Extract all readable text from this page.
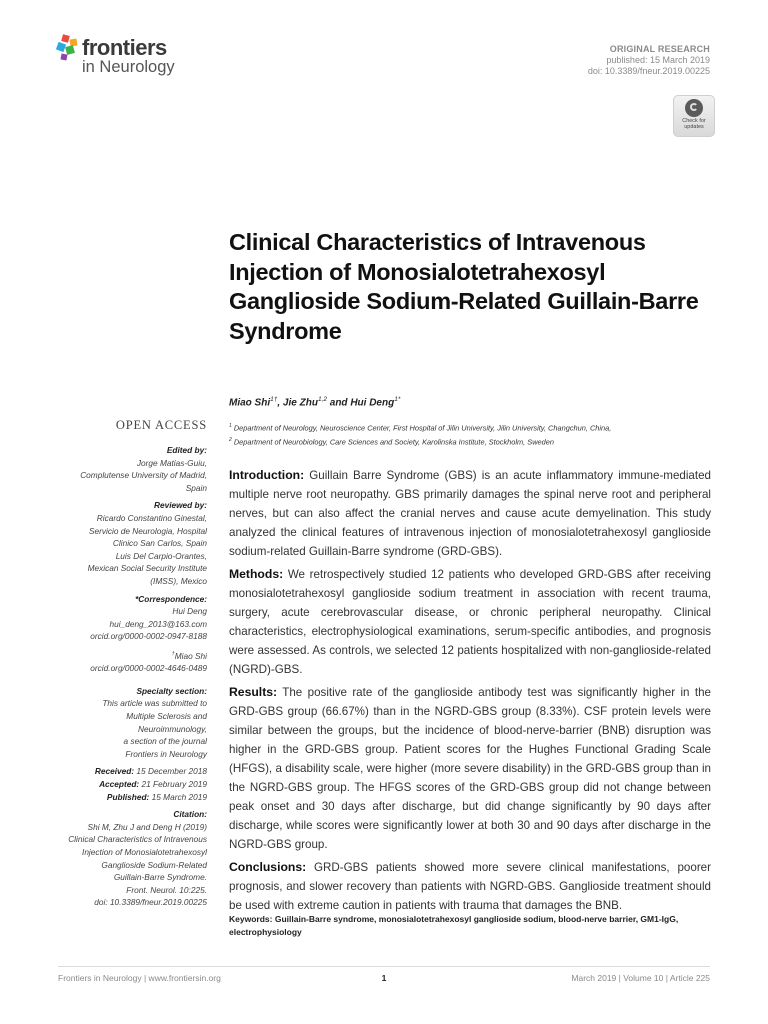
frontiers
in Neurology
ORIGINAL RESEARCH
published: 15 March 2019
doi: 10.3389/fneur.2019.00225
Check for updates
Clinical Characteristics of Intravenous Injection of Monosialotetrahexosyl Ganglioside Sodium-Related Guillain-Barre Syndrome
Miao Shi$^{1\dagger}$, Jie Zhu$^{1,2}$ and Hui Deng$^{1*}$
$^1$ Department of Neurology, Neuroscience Center, First Hospital of Jilin University, Jilin University, Changchun, China,
$^2$ Department of Neurobiology, Care Sciences and Society, Karolinska Institute, Stockholm, Sweden
OPEN ACCESS
Edited by:
Jorge Matias-Guiu,
Complutense University of Madrid,
Spain
Reviewed by:
Ricardo Constantino Ginestal,
Servicio de Neurologia, Hospital
Clinico San Carlos, Spain
Luis Del Carpio-Orantes,
Mexican Social Security Institute
(IMSS), Mexico
*Correspondence:
Hui Deng
hui_deng_2013@163.com
orcid.org/0000-0002-0947-8188
†Miao Shi
orcid.org/0000-0002-4646-0489
Specialty section:
This article was submitted to
Multiple Sclerosis and
Neuroimmunology,
a section of the journal
Frontiers in Neurology
Received: 15 December 2018
Accepted: 21 February 2019
Published: 15 March 2019
Citation:
Shi M, Zhu J and Deng H (2019)
Clinical Characteristics of Intravenous
Injection of Monosialotetrahexosyl
Ganglioside Sodium-Related
Guillain-Barre Syndrome.
Front. Neurol. 10:225.
doi: 10.3389/fneur.2019.00225

Introduction: Guillain Barre Syndrome (GBS) is an acute inflammatory immune-mediated multiple nerve root neuropathy. GBS primarily damages the spinal nerve root and peripheral nerves, but can also affect the cranial nerves and cause acute demyelination. This study analyzed the clinical features of intravenous injection of monosialotetrahexosyl ganglioside sodium-related Guillain-Barre syndrome (GRD-GBS).

Methods: We retrospectively studied 12 patients who developed GRD-GBS after receiving monosialotetrahexosyl ganglioside sodium treatment in association with recent trauma, surgery, acute cerebrovascular disease, or chronic peripheral neuropathy. Clinical characteristics, electrophysiological examinations, serum-specific antibodies, and prognosis were assessed. As controls, we selected 12 patients hospitalized with non-ganglioside-related (NGRD)-GBS.

Results: The positive rate of the ganglioside antibody test was significantly higher in the GRD-GBS group (66.67%) than in the NGRD-GBS group (8.33%). CSF protein levels were similar between the groups, but the incidence of blood-nerve-barrier (BNB) disruption was higher in the GRD-GBS group. Patient scores for the Hughes Functional Grading Scale (HFGS), a disability scale, were higher (more severe disability) in the GRD-GBS group than in the NGRD-GBS group. The HFGS scores of the GRD-GBS group did not change between peak onset and 30 days after discharge, but did change significantly by 90 days after discharge, while scores were significantly lower at both 30 and 90 days after discharge in the NGRD-GBS group.

Conclusions: GRD-GBS patients showed more severe clinical manifestations, poorer prognosis, and slower recovery than patients with NGRD-GBS. Ganglioside treatment should be used with extreme caution in patients with trauma that damages the BNB.

Keywords: Guillain-Barre syndrome, monosialotetrahexosyl ganglioside sodium, blood-nerve barrier, GM1-IgG, electrophysiology
Frontiers in Neurology | www.frontiersin.org	1	March 2019 | Volume 10 | Article 225
